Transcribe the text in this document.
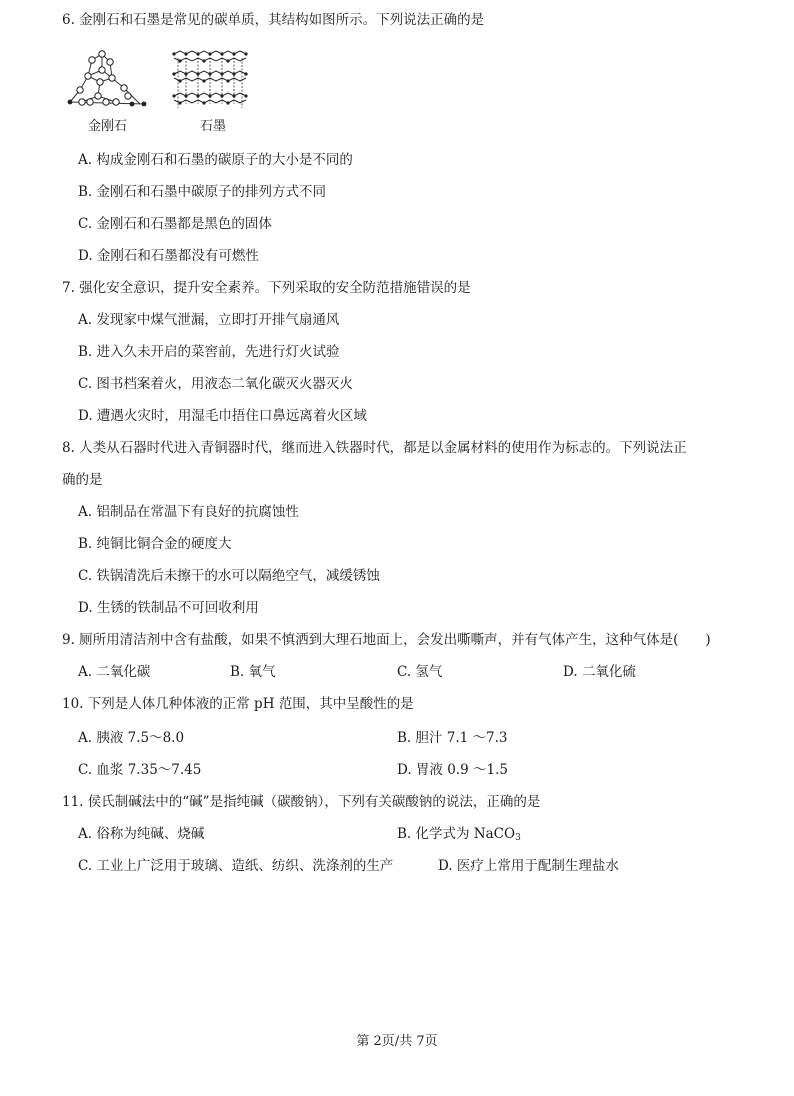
6. 金刚石和石墨是常见的碳单质，其结构如图所示。下列说法正确的是
金刚石	石墨
A. 构成金刚石和石墨的碳原子的大小是不同的
B. 金刚石和石墨中碳原子的排列方式不同
C. 金刚石和石墨都是黑色的固体
D. 金刚石和石墨都没有可燃性
7. 强化安全意识，提升安全素养。下列采取的安全防范措施错误的是
A. 发现家中煤气泄漏，立即打开排气扇通风
B. 进入久未开启的菜窖前，先进行灯火试验
C. 图书档案着火，用液态二氧化碳灭火器灭火
D. 遭遇火灾时，用湿毛巾捂住口鼻远离着火区域
8. 人类从石器时代进入青铜器时代，继而进入铁器时代，都是以金属材料的使用作为标志的。下列说法正
确的是
A. 铝制品在常温下有良好的抗腐蚀性
B. 纯铜比铜合金的硬度大
C. 铁锅清洗后未擦干的水可以隔绝空气，减缓锈蚀
D. 生锈的铁制品不可回收利用
9. 厕所用清洁剂中含有盐酸，如果不慎洒到大理石地面上，会发出嘶嘶声，并有气体产生，这种气体是(　　)
A. 二氧化碳	B. 氧气	C. 氢气	D. 二氧化硫
10. 下列是人体几种体液的正常 pH 范围，其中呈酸性的是
A. 胰液 7.5～8.0	B. 胆汁 7.1 ～7.3
C. 血浆 7.35～7.45	D. 胃液 0.9 ～1.5
11. 侯氏制碱法中的“碱”是指纯碱（碳酸钠），下列有关碳酸钠的说法，正确的是
A. 俗称为纯碱、烧碱	B. 化学式为 NaCO$_3$
C. 工业上广泛用于玻璃、造纸、纺织、洗涤剂的生产	D. 医疗上常用于配制生理盐水
第 2页/共 7页
